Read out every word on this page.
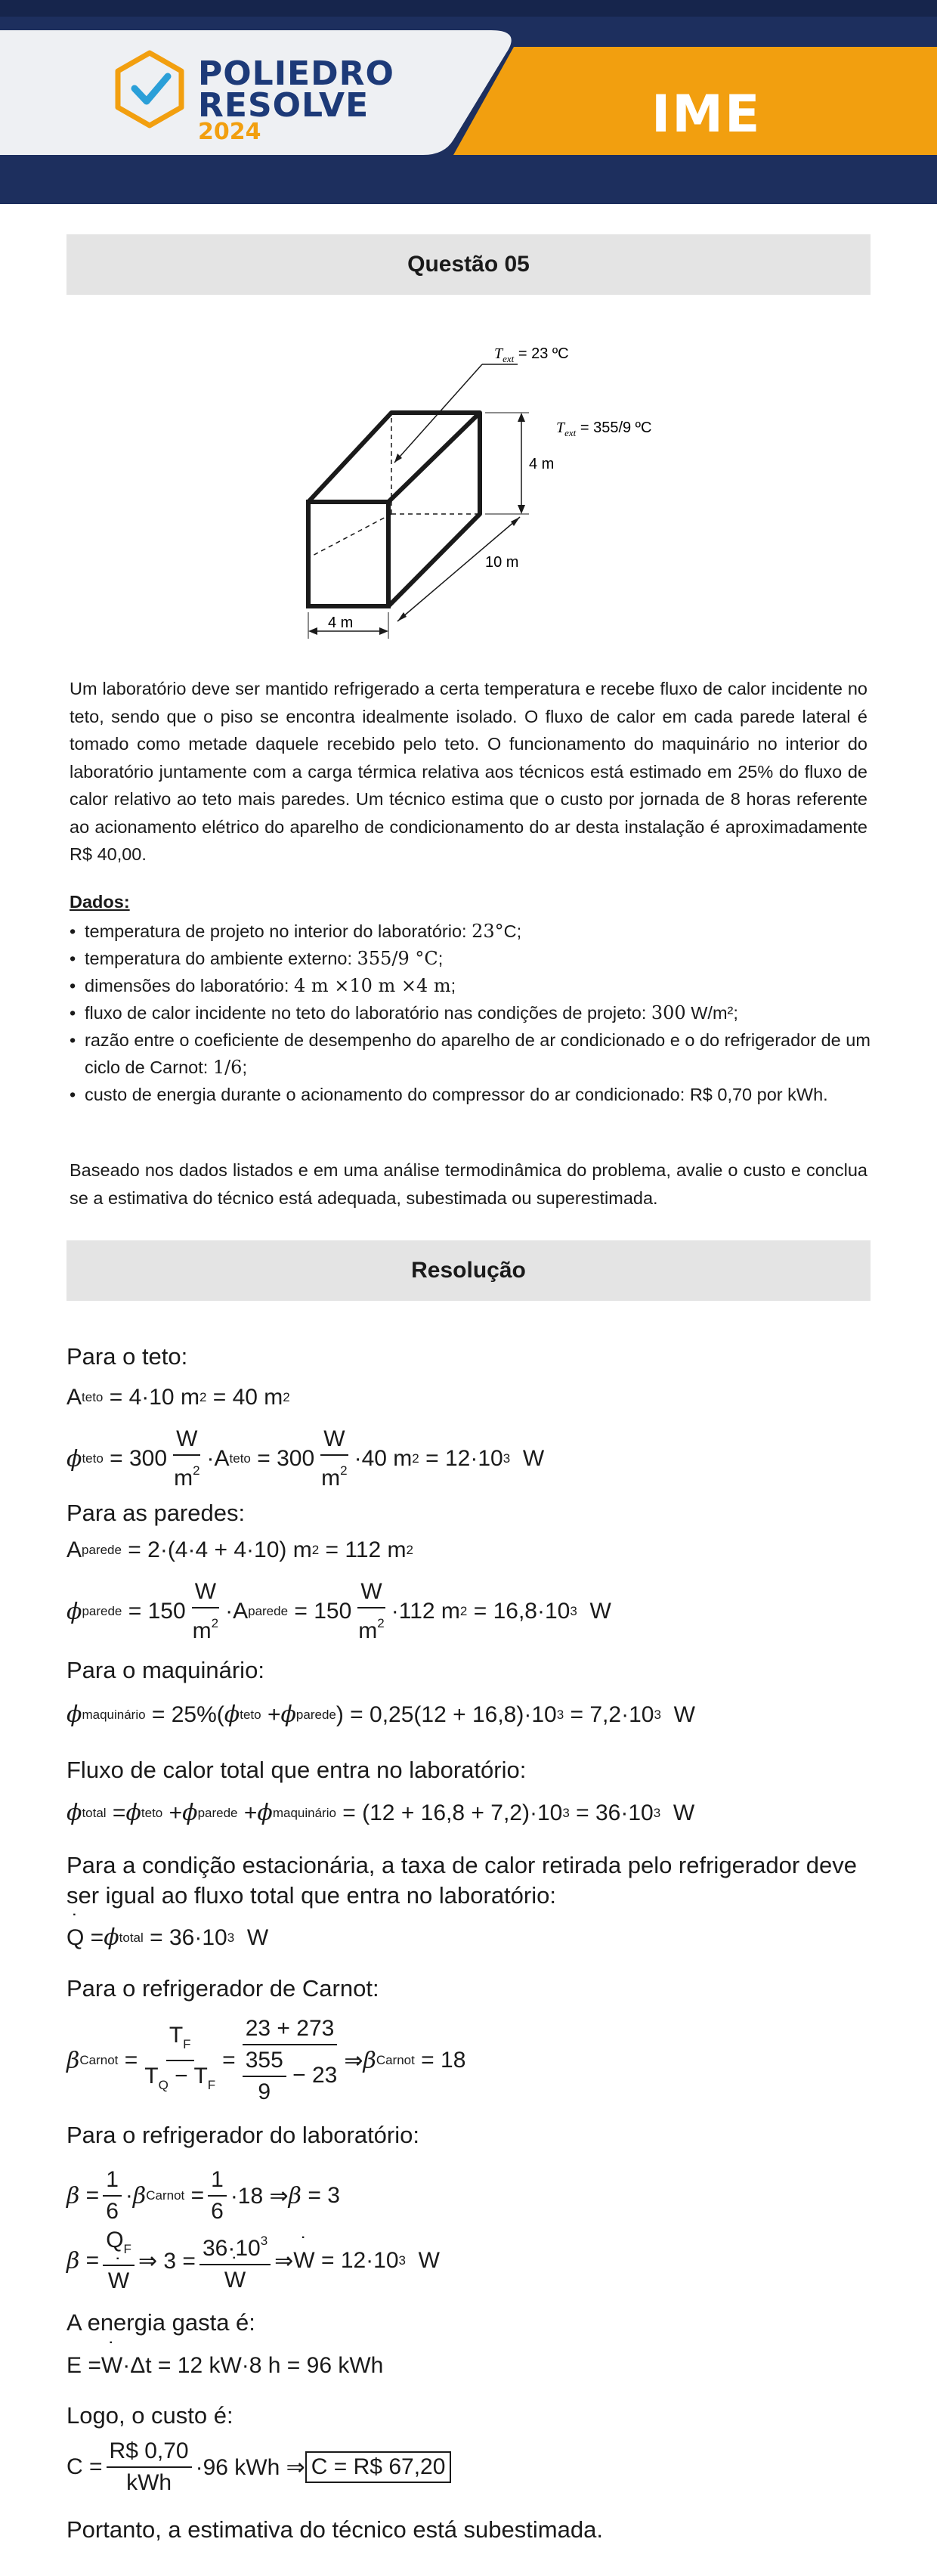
POLIEDRO
RESOLVE
2024	IME
Questão 05
$T_{ext} = 23$ ºC
$T_{ext} = 355/9$ ºC
4 m
10 m
4 m
Um laboratório deve ser mantido refrigerado a certa temperatura e recebe fluxo de calor incidente no teto, sendo que o piso se encontra idealmente isolado. O fluxo de calor em cada parede lateral é tomado como metade daquele recebido pelo teto. O funcionamento do maquinário no interior do laboratório juntamente com a carga térmica relativa aos técnicos está estimado em 25% do fluxo de calor relativo ao teto mais paredes. Um técnico estima que o custo por jornada de 8 horas referente ao acionamento elétrico do aparelho de condicionamento do ar desta instalação é aproximadamente R$ 40,00.
Dados:
• temperatura de projeto no interior do laboratório: 23°C;
• temperatura do ambiente externo: 355/9 °C;
• dimensões do laboratório: 4 m ×10 m ×4 m;
• fluxo de calor incidente no teto do laboratório nas condições de projeto: 300 W/m²;
• razão entre o coeficiente de desempenho do aparelho de ar condicionado e o do refrigerador de um ciclo de Carnot: 1/6;
• custo de energia durante o acionamento do compressor do ar condicionado: R$ 0,70 por kWh.
Baseado nos dados listados e em uma análise termodinâmica do problema, avalie o custo e conclua se a estimativa do técnico está adequada, subestimada ou superestimada.
Resolução
Para o teto:
A teto = 4·10 m 2 = 40 m 2
ϕ teto = $300 \frac{W}{m^2} \cdot A$ teto = $300 \frac{W}{m^2} \cdot 40$ m 2 = 12·10 3 W
Para as paredes:
A parede = 2·(4·4 + 4·10) m 2 = 112 m 2
ϕ parede = $150 \frac{W}{m^2} \cdot A$ parede = $150 \frac{W}{m^2} \cdot 112$ m 2 = 16,8·10 3 W
Para o maquinário:
ϕ maquinário = 25%( ϕ teto + ϕ parede ) = 0,25(12 + 16,8)·10 3 = 7,2·10 3 W
Fluxo de calor total que entra no laboratório:
ϕ total = ϕ teto + ϕ parede + ϕ maquinário = (12 + 16,8 + 7,2)·10 3 = 36·10 3 W
Para a condição estacionária, a taxa de calor retirada pelo refrigerador deve ser igual ao fluxo total que entra no laboratório:
˙ Q = ϕ total = 36·10 3 W
Para o refrigerador de Carnot:
β Carnot = $\frac{T_F}{T_Q - T_F} = \frac{23 + 273}{\frac{355}{9} - 23}$ ⇒ β Carnot = 18
Para o refrigerador do laboratório:
$\beta = \frac{1}{6} \cdot \beta$ Carnot = $\frac{1}{6} \cdot 18$ ⇒ β = 3
β = ˙ $Q_F$
˙ W ⇒ $3 = 36\cdot 10^3$
˙ W ⇒ ˙ W = 12·10 3 W
A energia gasta é:
E = ˙ W ·Δt = 12 kW·8 h = 96 kWh
Logo, o custo é:
$C = \frac{R\$ 0,70}{\text{kWh}} \cdot 96$ kWh ⇒ C = R$ 67,20
Portanto, a estimativa do técnico está subestimada.
